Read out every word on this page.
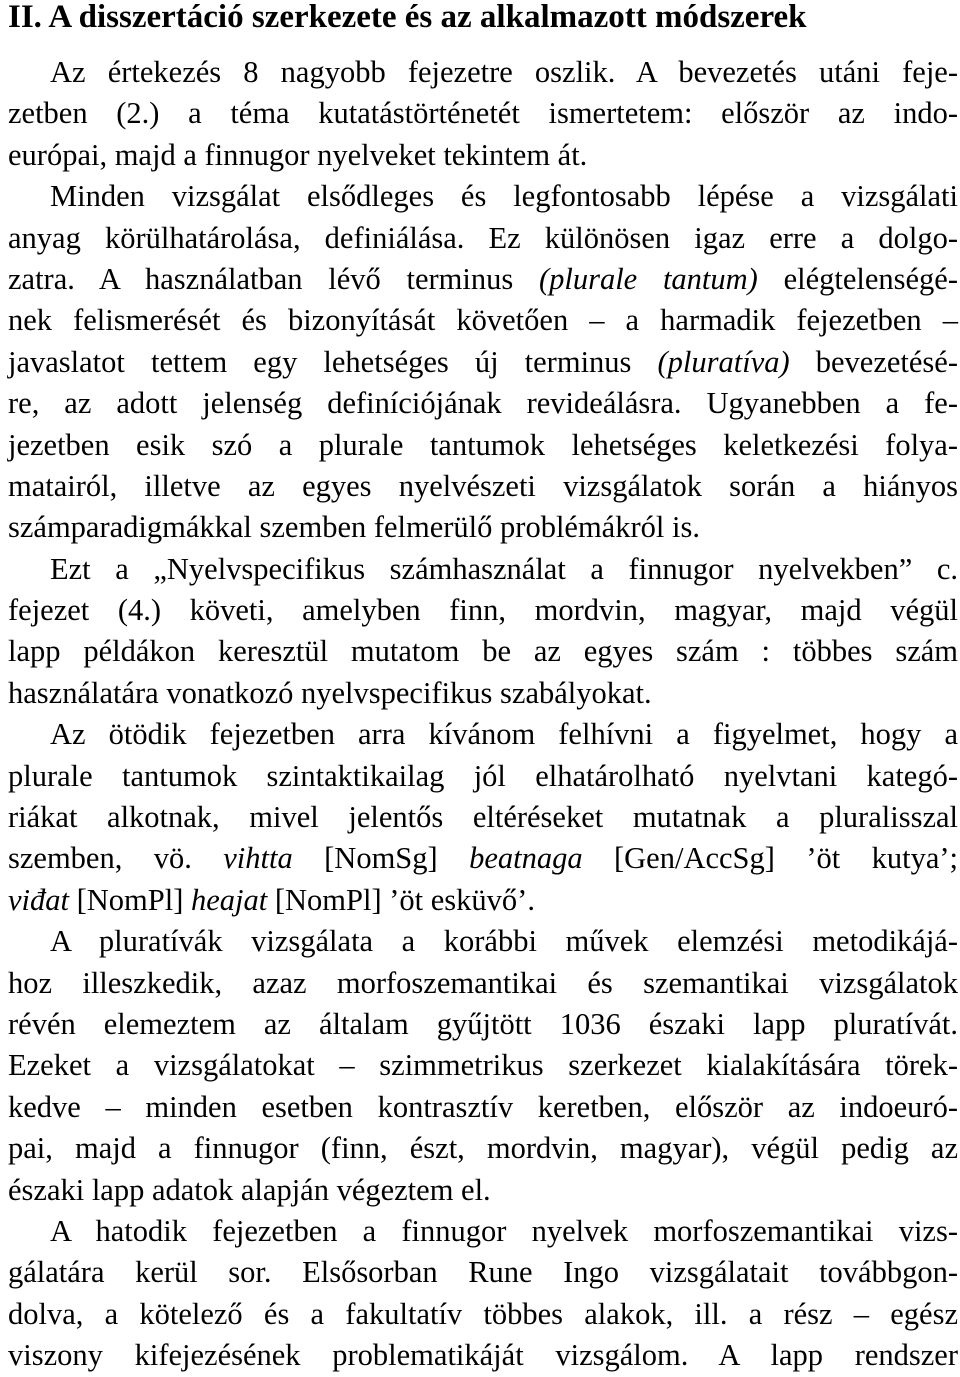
II. A disszertáció szerkezete és az alkalmazott módszerek
Az értekezés 8 nagyobb fejezetre oszlik. A bevezetés utáni feje-
zetben (2.) a téma kutatástörténetét ismertetem: először az indo-
európai, majd a finnugor nyelveket tekintem át.
Minden vizsgálat elsődleges és legfontosabb lépése a vizsgálati
anyag körülhatárolása, definiálása. Ez különösen igaz erre a dolgo-
zatra. A használatban lévő terminus (plurale tantum) elégtelenségé-
nek felismerését és bizonyítását követően – a harmadik fejezetben –
javaslatot tettem egy lehetséges új terminus (pluratíva) bevezetésé-
re, az adott jelenség definíciójának revideálásra. Ugyanebben a fe-
jezetben esik szó a plurale tantumok lehetséges keletkezési folya-
matairól, illetve az egyes nyelvészeti vizsgálatok során a hiányos
számparadigmákkal szemben felmerülő problémákról is.
Ezt a „Nyelvspecifikus számhasználat a finnugor nyelvekben” c.
fejezet (4.) követi, amelyben finn, mordvin, magyar, majd végül
lapp példákon keresztül mutatom be az egyes szám : többes szám
használatára vonatkozó nyelvspecifikus szabályokat.
Az ötödik fejezetben arra kívánom felhívni a figyelmet, hogy a
plurale tantumok szintaktikailag jól elhatárolható nyelvtani kategó-
riákat alkotnak, mivel jelentős eltéréseket mutatnak a pluralisszal
szemben, vö. vihtta [NomSg] beatnaga [Gen/AccSg] ’öt kutya’;
viđat [NomPl] heajat [NomPl] ’öt esküvő’.
A pluratívák vizsgálata a korábbi művek elemzési metodikájá-
hoz illeszkedik, azaz morfoszemantikai és szemantikai vizsgálatok
révén elemeztem az általam gyűjtött 1036 északi lapp pluratívát.
Ezeket a vizsgálatokat – szimmetrikus szerkezet kialakítására törek-
kedve – minden esetben kontrasztív keretben, először az indoeuró-
pai, majd a finnugor (finn, észt, mordvin, magyar), végül pedig az
északi lapp adatok alapján végeztem el.
A hatodik fejezetben a finnugor nyelvek morfoszemantikai vizs-
gálatára kerül sor. Elsősorban Rune Ingo vizsgálatait továbbgon-
dolva, a kötelező és a fakultatív többes alakok, ill. a rész – egész
viszony kifejezésének problematikáját vizsgálom. A lapp rendszer
